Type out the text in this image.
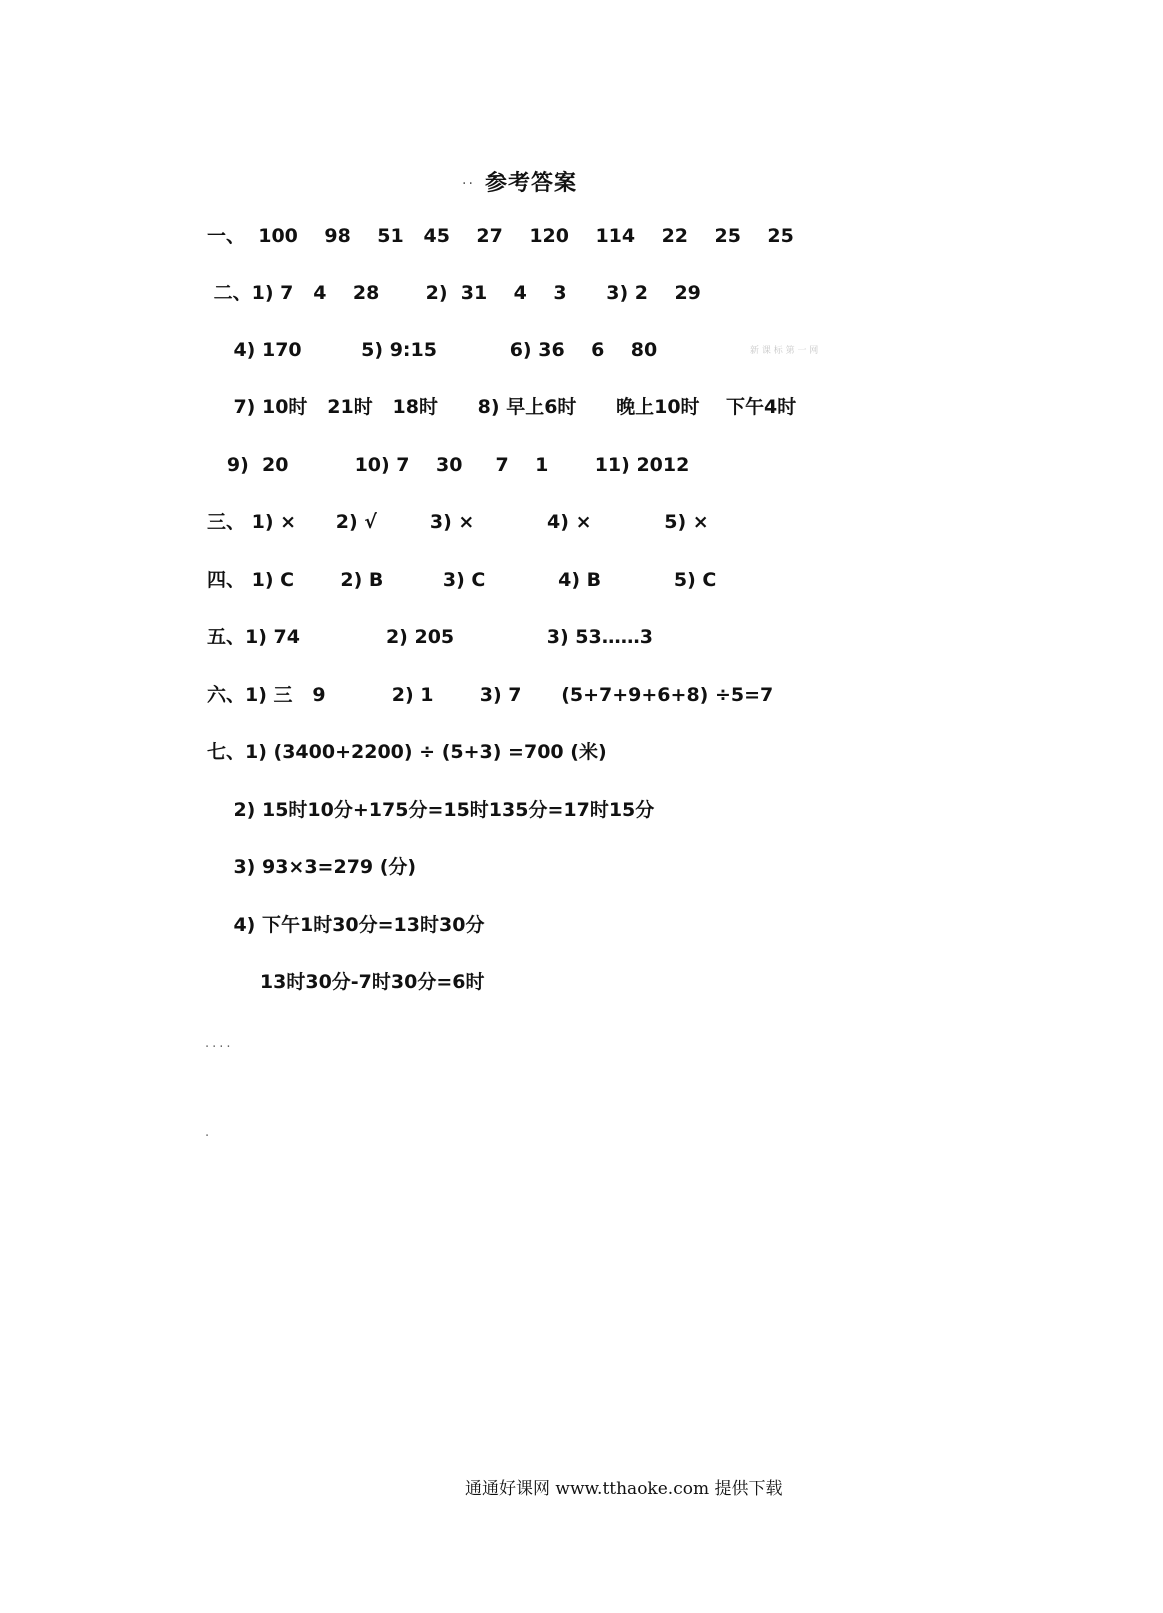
.. 参考答案
一、  100    98    51   45    27    120    114    22    25    25
二、1) 7   4    28       2)  31    4    3      3) 2    29
4) 170         5) 9:15           6) 36    6    80	新 课 标 第 一 网
7) 10时   21时   18时      8) 早上6时      晚上10时    下午4时
9)  20          10) 7    30     7    1       11) 2012
三、 1) ×      2) √        3) ×           4) ×           5) ×
四、 1) C       2) B         3) C           4) B           5) C
五、1) 74             2) 205              3) 53……3
六、1) 三   9          2) 1       3) 7      (5+7+9+6+8) ÷5=7
七、1) (3400+2200) ÷ (5+3) =700 (米)
2) 15时10分+175分=15时135分=17时15分
3) 93×3=279 (分)
4) 下午1时30分=13时30分
13时30分-7时30分=6时
....
.
通通好课网 www.tthaoke.com 提供下载
